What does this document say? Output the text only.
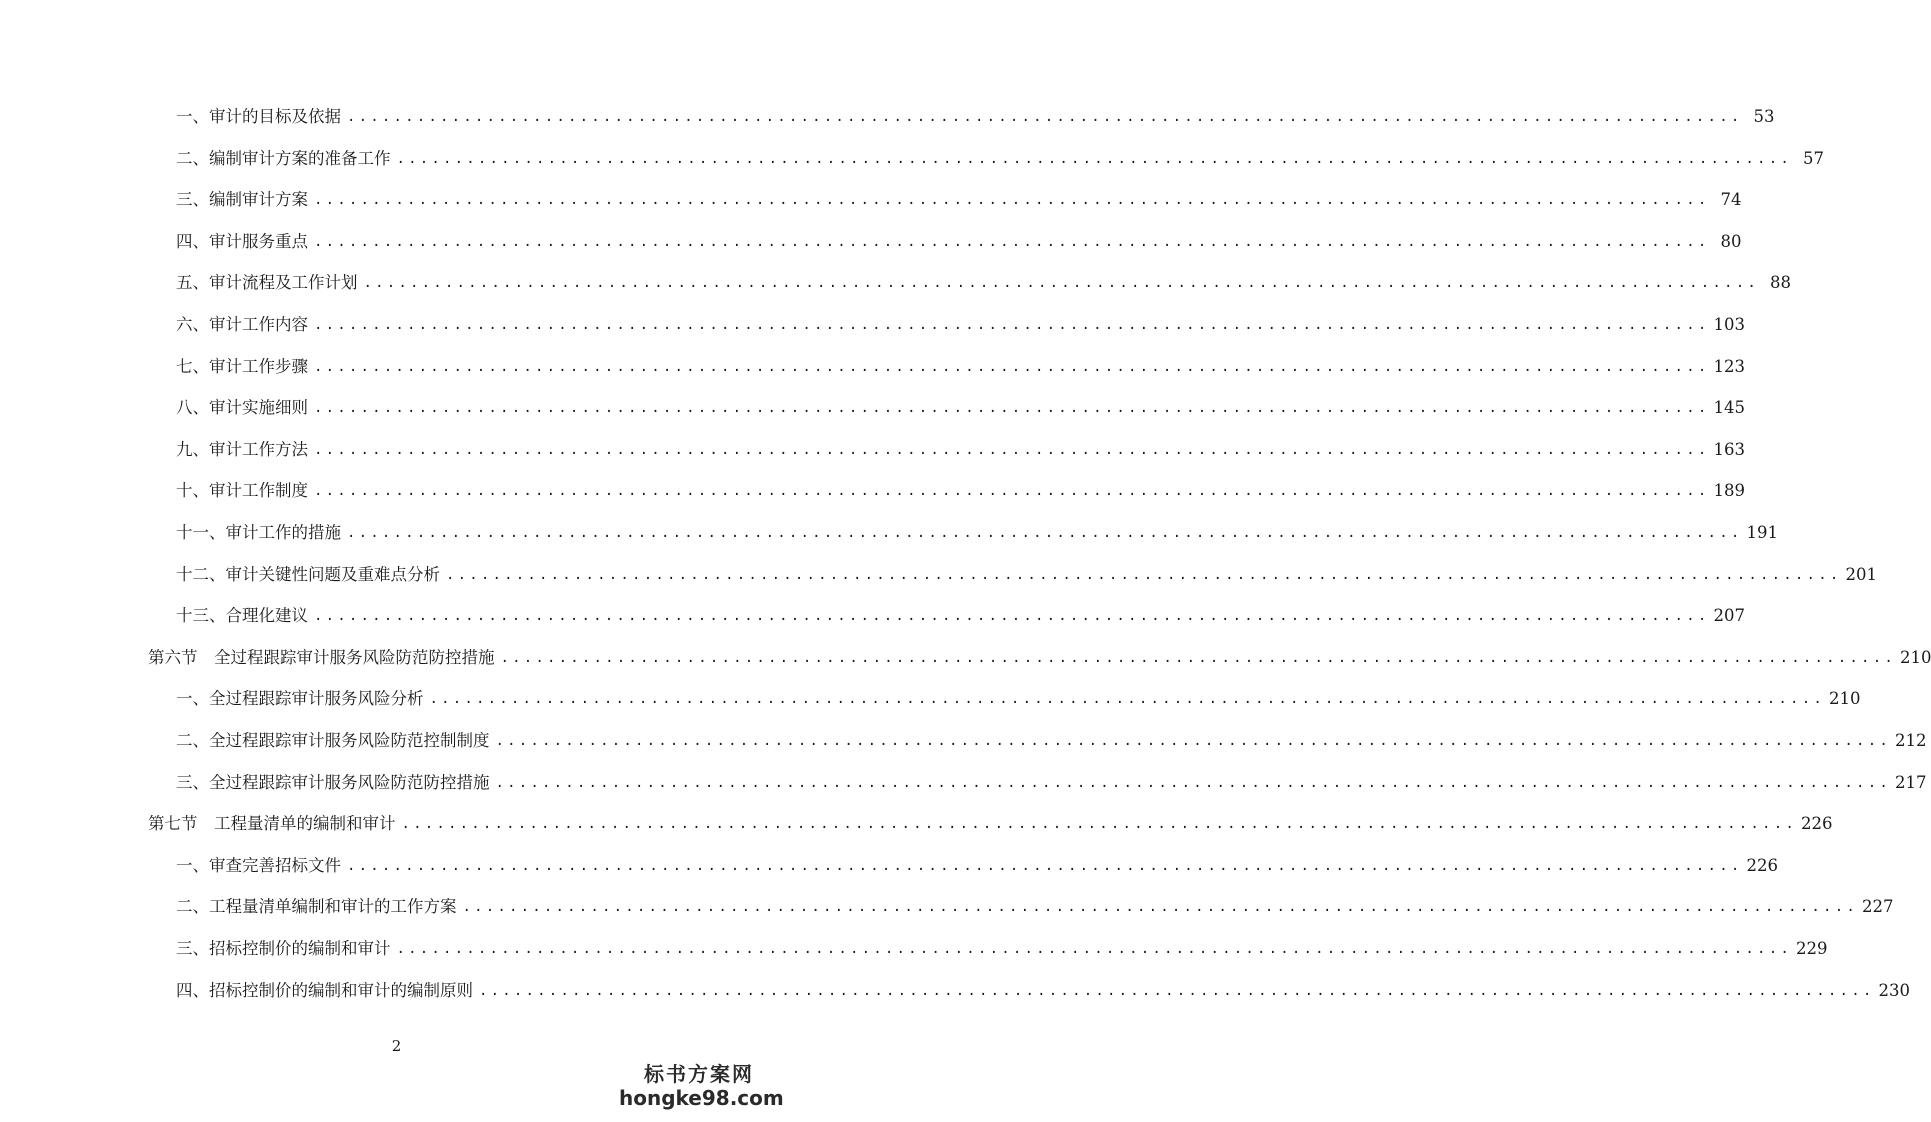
一、审计的目标及依据 ........................................................................................................................ 53
二、编制审计方案的准备工作 ........................................................................................................................ 57
三、编制审计方案 ........................................................................................................................ 74
四、审计服务重点 ........................................................................................................................ 80
五、审计流程及工作计划 ........................................................................................................................ 88
六、审计工作内容 ........................................................................................................................ 103
七、审计工作步骤 ........................................................................................................................ 123
八、审计实施细则 ........................................................................................................................ 145
九、审计工作方法 ........................................................................................................................ 163
十、审计工作制度 ........................................................................................................................ 189
十一、审计工作的措施 ........................................................................................................................ 191
十二、审计关键性问题及重难点分析 ........................................................................................................................ 201
十三、合理化建议 ........................................................................................................................ 207
第六节　全过程跟踪审计服务风险防范防控措施 ........................................................................................................................ 210
一、全过程跟踪审计服务风险分析 ........................................................................................................................ 210
二、全过程跟踪审计服务风险防范控制制度 ........................................................................................................................ 212
三、全过程跟踪审计服务风险防范防控措施 ........................................................................................................................ 217
第七节　工程量清单的编制和审计 ........................................................................................................................ 226
一、审查完善招标文件 ........................................................................................................................ 226
二、工程量清单编制和审计的工作方案 ........................................................................................................................ 227
三、招标控制价的编制和审计 ........................................................................................................................ 229
四、招标控制价的编制和审计的编制原则 ........................................................................................................................ 230
2
标书方案网
hongke98.com
